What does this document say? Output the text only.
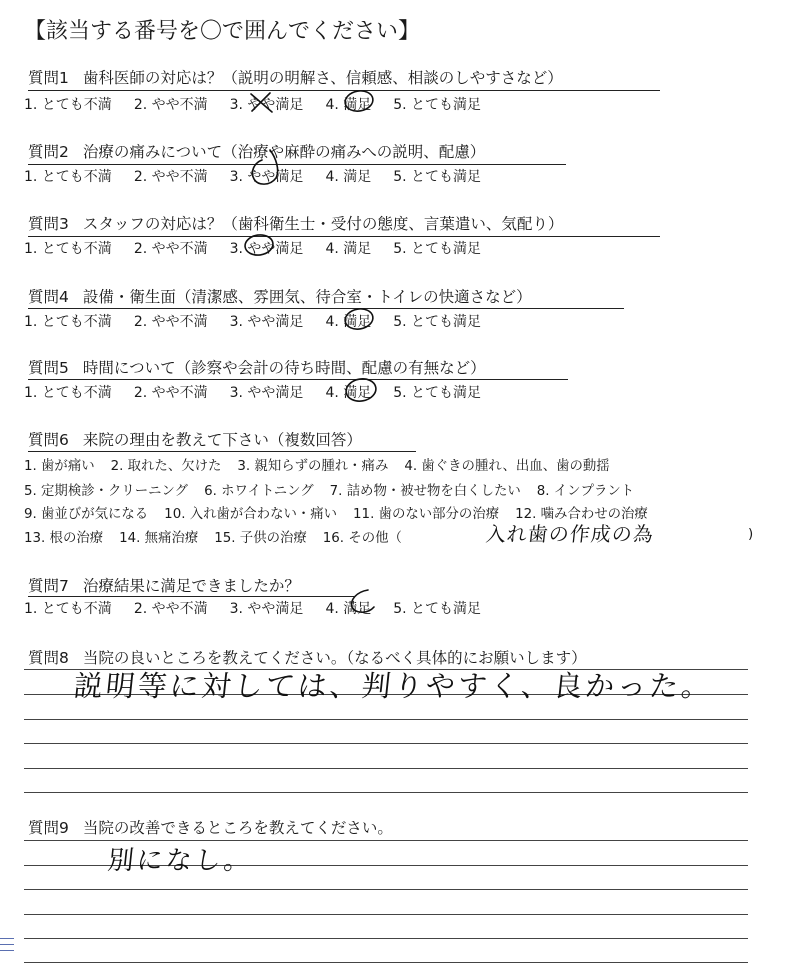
【該当する番号を〇で囲んでください】
質問1 歯科医師の対応は？（説明の明解さ、信頼感、相談のしやすさなど）
1. とても不満 2. やや不満 3. やや満足 4. 満足 5. とても満足
質問2 治療の痛みについて（治療や麻酔の痛みへの説明、配慮）
1. とても不満 2. やや不満 3. やや満足 4. 満足 5. とても満足
質問3 スタッフの対応は？（歯科衛生士・受付の態度、言葉遣い、気配り）
1. とても不満 2. やや不満 3. やや満足 4. 満足 5. とても満足
質問4 設備・衛生面（清潔感、雰囲気、待合室・トイレの快適さなど）
1. とても不満 2. やや不満 3. やや満足 4. 満足 5. とても満足
質問5 時間について（診察や会計の待ち時間、配慮の有無など）
1. とても不満 2. やや不満 3. やや満足 4. 満足 5. とても満足
質問6 来院の理由を教えて下さい（複数回答）
1. 歯が痛い 2. 取れた、欠けた 3. 親知らずの腫れ・痛み 4. 歯ぐきの腫れ、出血、歯の動揺
5. 定期検診・クリーニング 6. ホワイトニング 7. 詰め物・被せ物を白くしたい 8. インプラント
9. 歯並びが気になる 10. 入れ歯が合わない・痛い 11. 歯のない部分の治療 12. 噛み合わせの治療
13. 根の治療 14. 無痛治療 15. 子供の治療 16. その他（	入れ歯の作成の為	)
質問7 治療結果に満足できましたか？
1. とても不満 2. やや不満 3. やや満足 4. 満足 5. とても満足
質問8 当院の良いところを教えてください。（なるべく具体的にお願いします）
説明等に対しては、判りやすく、良かった。
質問9 当院の改善できるところを教えてください。
別になし。
